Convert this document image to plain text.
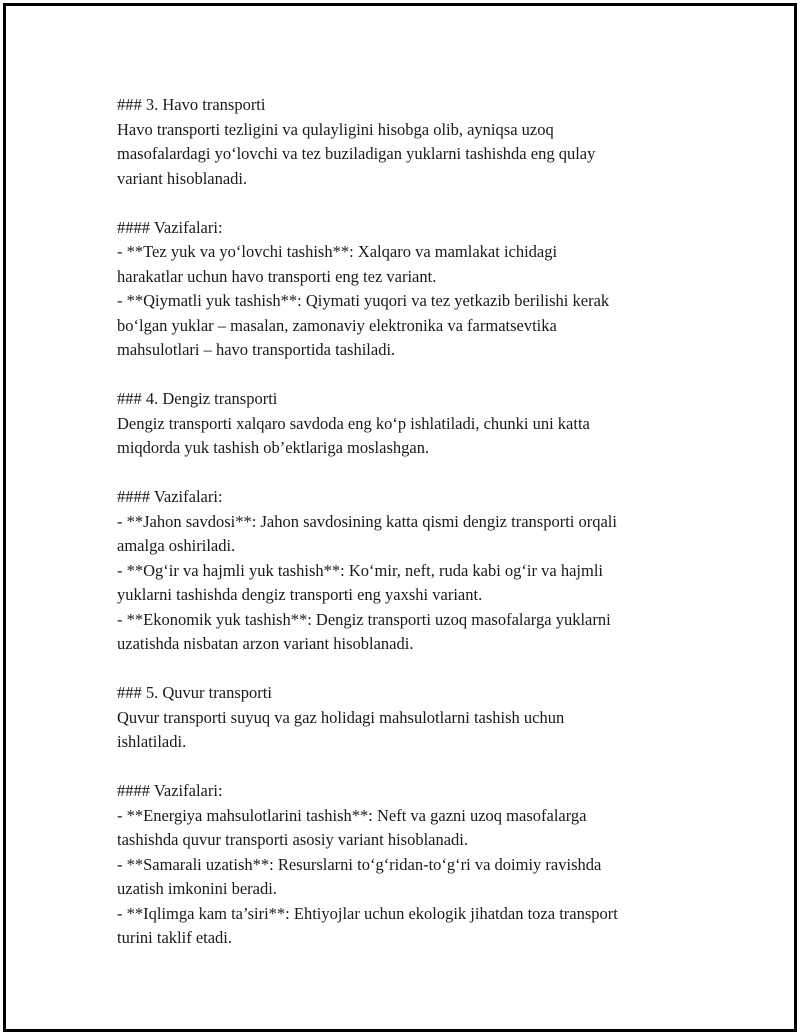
### 3. Havo transporti
Havo transporti tezligini va qulayligini hisobga olib, ayniqsa uzoq
masofalardagi yo‘lovchi va tez buziladigan yuklarni tashishda eng qulay
variant hisoblanadi.
#### Vazifalari:
- **Tez yuk va yo‘lovchi tashish**: Xalqaro va mamlakat ichidagi
harakatlar uchun havo transporti eng tez variant.
- **Qiymatli yuk tashish**: Qiymati yuqori va tez yetkazib berilishi kerak
bo‘lgan yuklar – masalan, zamonaviy elektronika va farmatsevtika
mahsulotlari – havo transportida tashiladi.
### 4. Dengiz transporti
Dengiz transporti xalqaro savdoda eng ko‘p ishlatiladi, chunki uni katta
miqdorda yuk tashish ob’ektlariga moslashgan.
#### Vazifalari:
- **Jahon savdosi**: Jahon savdosining katta qismi dengiz transporti orqali
amalga oshiriladi.
- **Og‘ir va hajmli yuk tashish**: Ko‘mir, neft, ruda kabi og‘ir va hajmli
yuklarni tashishda dengiz transporti eng yaxshi variant.
- **Ekonomik yuk tashish**: Dengiz transporti uzoq masofalarga yuklarni
uzatishda nisbatan arzon variant hisoblanadi.
### 5. Quvur transporti
Quvur transporti suyuq va gaz holidagi mahsulotlarni tashish uchun
ishlatiladi.
#### Vazifalari:
- **Energiya mahsulotlarini tashish**: Neft va gazni uzoq masofalarga
tashishda quvur transporti asosiy variant hisoblanadi.
- **Samarali uzatish**: Resurslarni to‘g‘ridan-to‘g‘ri va doimiy ravishda
uzatish imkonini beradi.
- **Iqlimga kam ta’siri**: Ehtiyojlar uchun ekologik jihatdan toza transport
turini taklif etadi.
